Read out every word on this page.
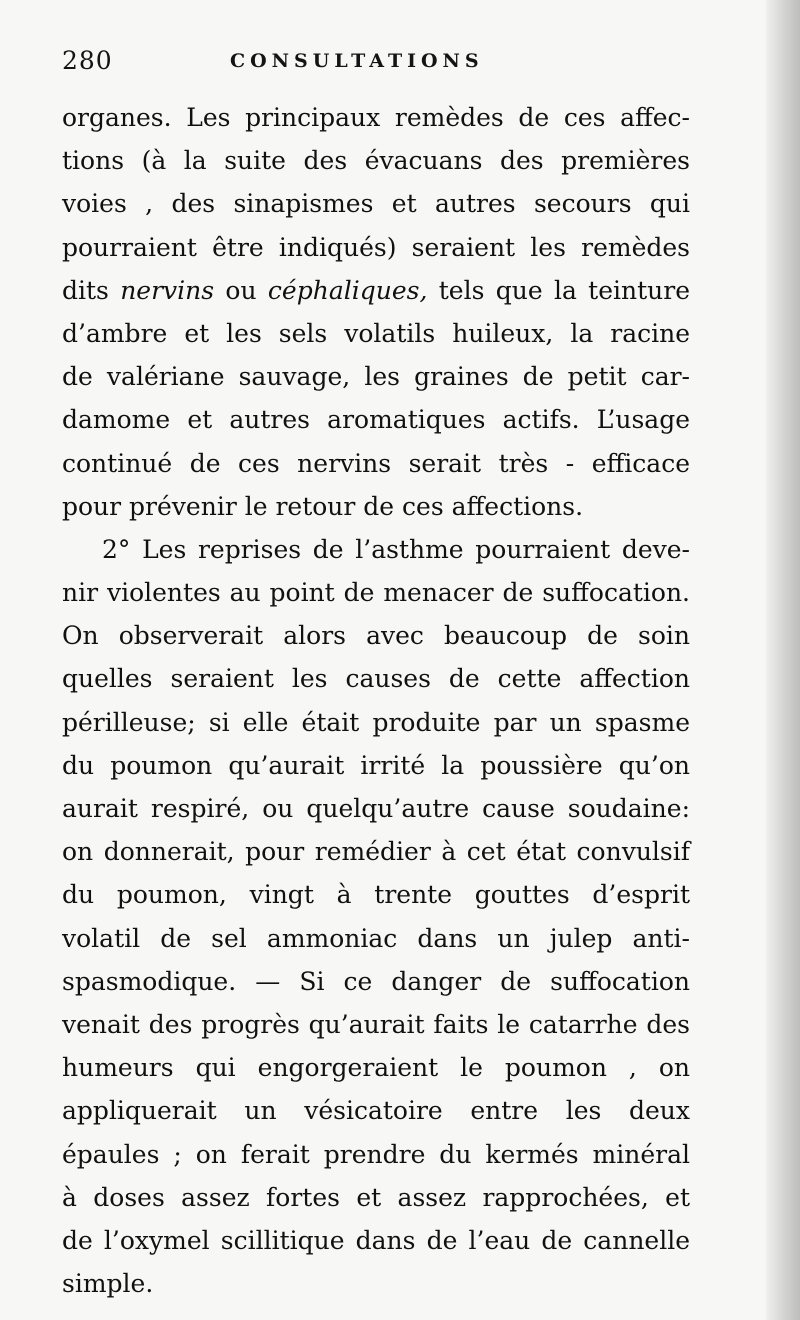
280	CONSULTATIONS
organes. Les principaux remèdes de ces affec-
tions (à la suite des évacuans des premières
voies , des sinapismes et autres secours qui
pourraient être indiqués) seraient les remèdes
dits nervins ou céphaliques, tels que la teinture
d’ambre et les sels volatils huileux, la racine
de valériane sauvage, les graines de petit car-
damome et autres aromatiques actifs. L’usage
continué de ces nervins serait très - efficace
pour prévenir le retour de ces affections.
2° Les reprises de l’asthme pourraient deve-
nir violentes au point de menacer de suffocation.
On observerait alors avec beaucoup de soin
quelles seraient les causes de cette affection
périlleuse; si elle était produite par un spasme
du poumon qu’aurait irrité la poussière qu’on
aurait respiré, ou quelqu’autre cause soudaine:
on donnerait, pour remédier à cet état convulsif
du poumon, vingt à trente gouttes d’esprit
volatil de sel ammoniac dans un julep anti-
spasmodique. — Si ce danger de suffocation
venait des progrès qu’aurait faits le catarrhe des
humeurs qui engorgeraient le poumon , on
appliquerait un vésicatoire entre les deux
épaules ; on ferait prendre du kermés minéral
à doses assez fortes et assez rapprochées, et
de l’oxymel scillitique dans de l’eau de cannelle
simple.
